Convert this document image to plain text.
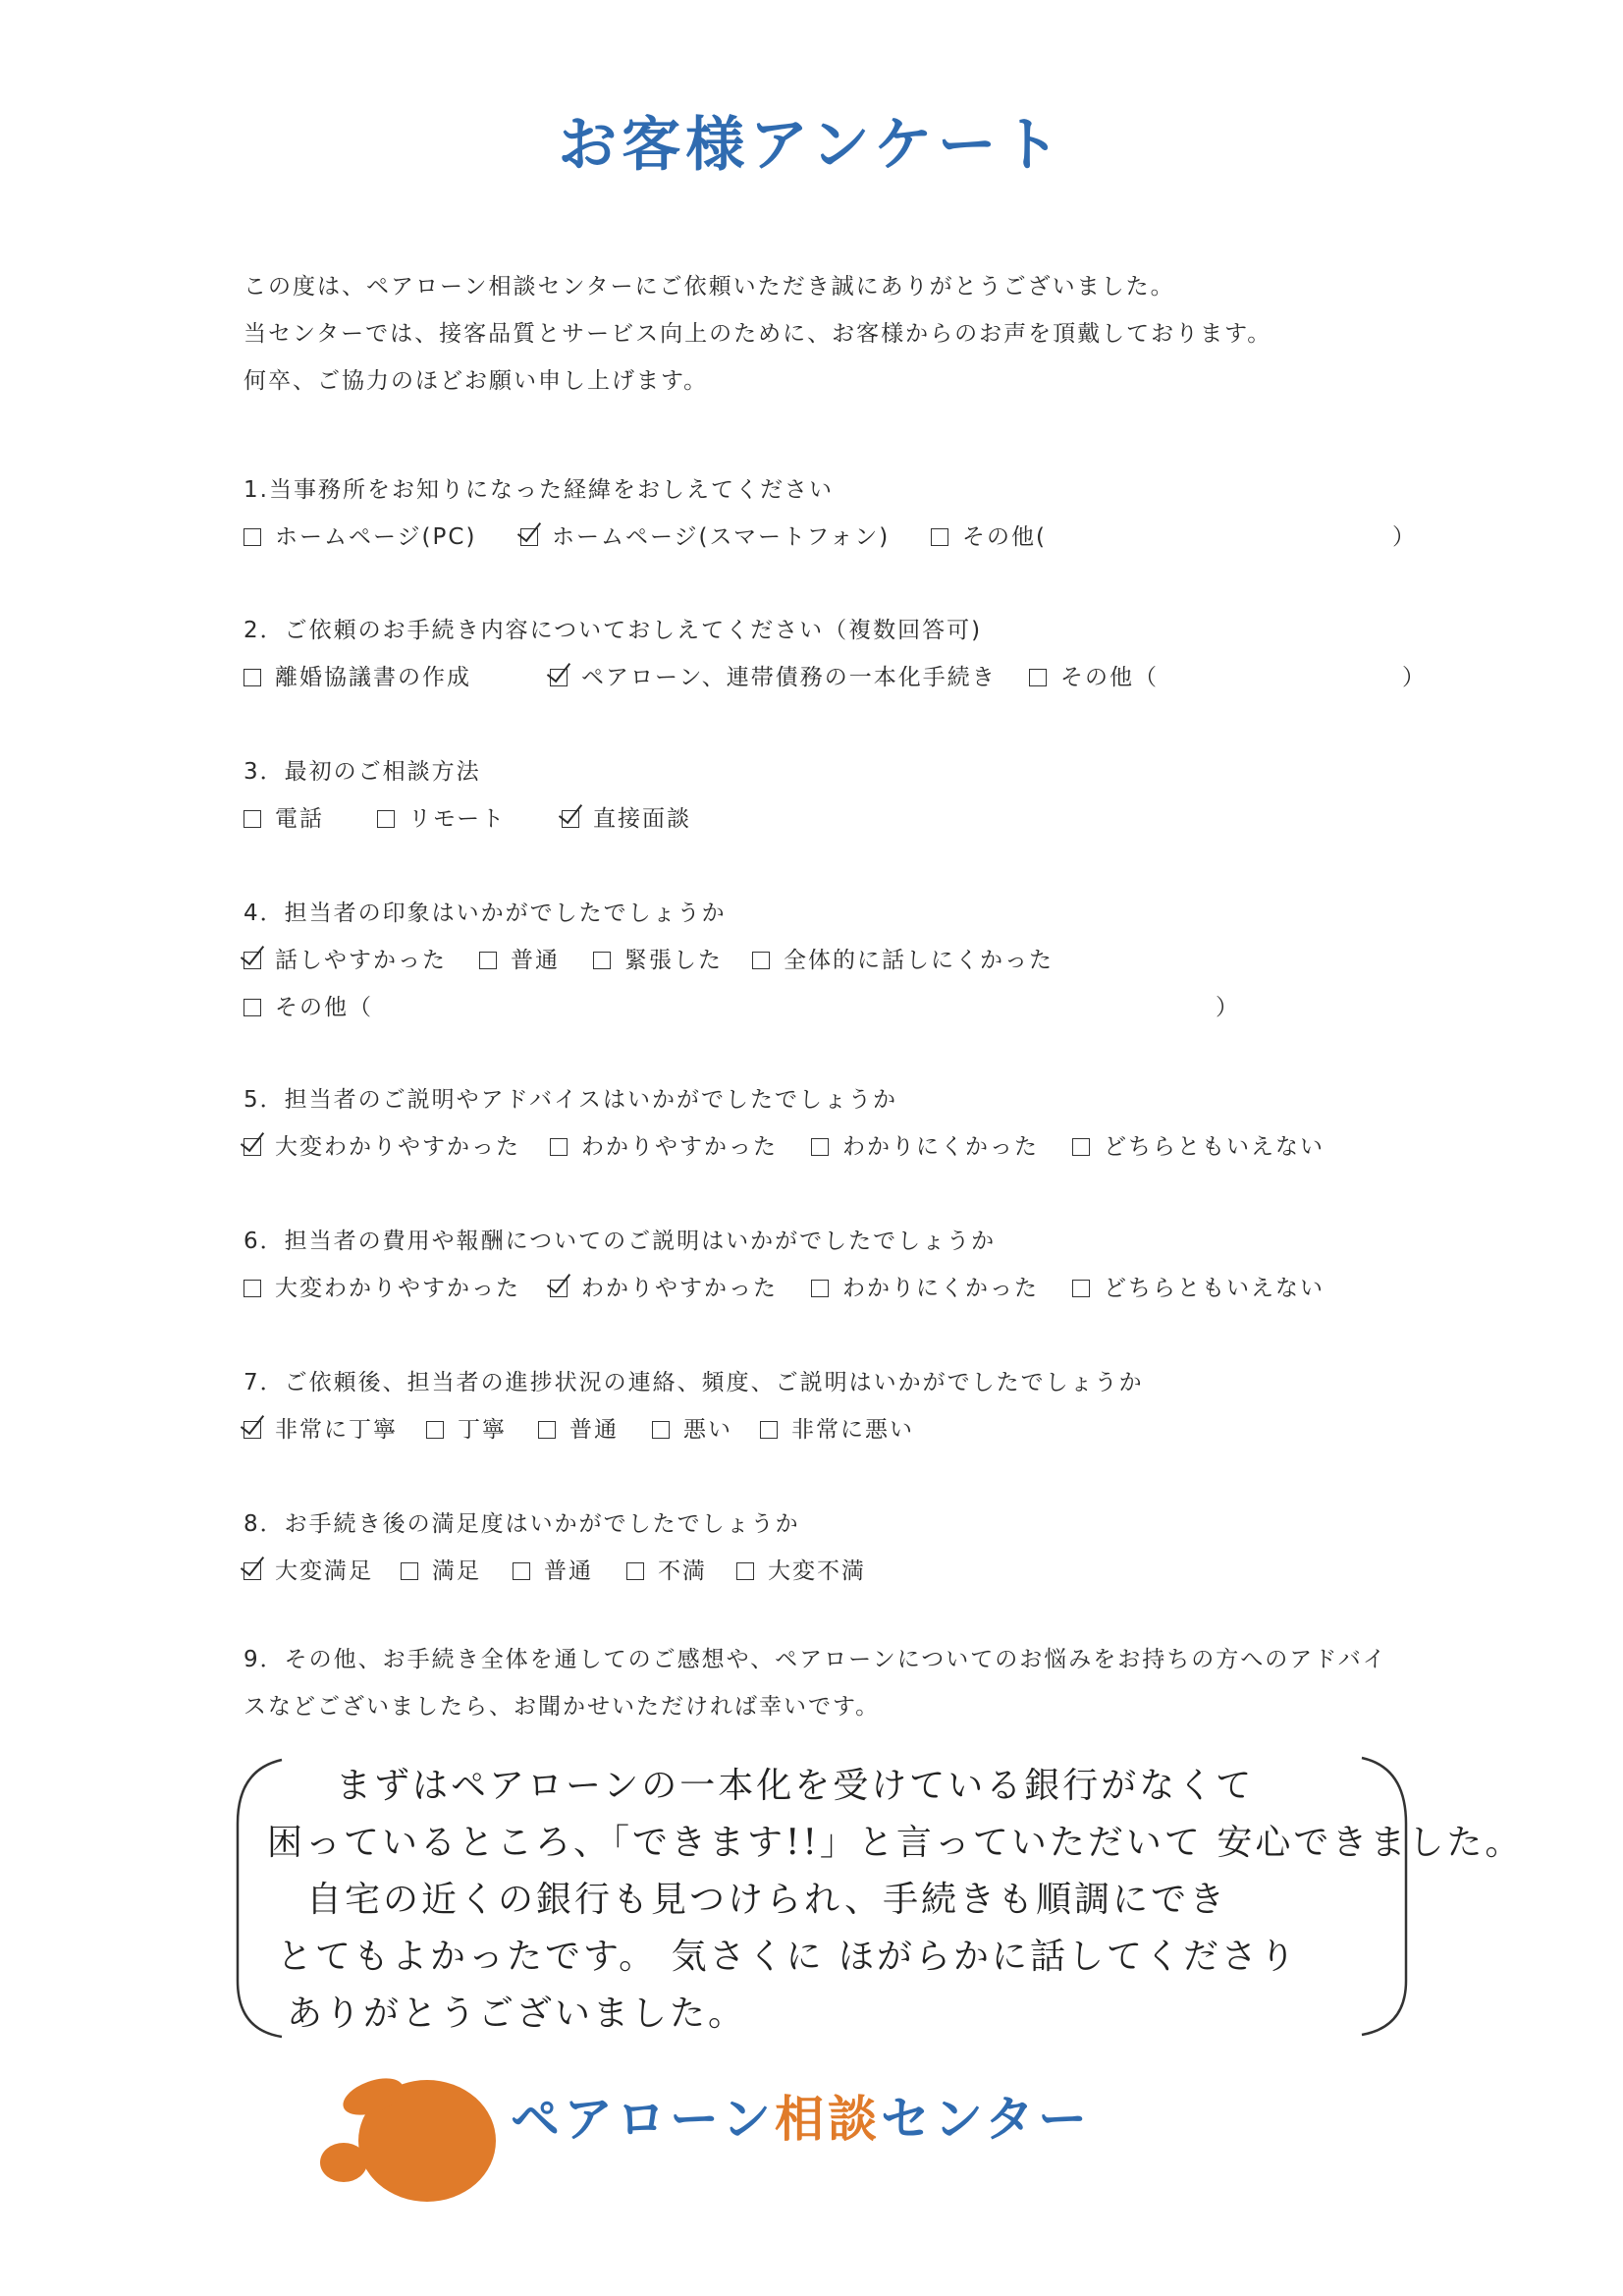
お客様アンケート
この度は、ペアローン相談センターにご依頼いただき誠にありがとうございました。
当センターでは、接客品質とサービス向上のために、お客様からのお声を頂戴しております。
何卒、ご協力のほどお願い申し上げます。
1.当事務所をお知りになった経緯をおしえてください
ホームページ(PC)	ホームページ(スマートフォン)	その他(	）
2．ご依頼のお手続き内容についておしえてください（複数回答可)
離婚協議書の作成	ペアローン、連帯債務の一本化手続き	その他（	）
3．最初のご相談方法
電話	リモート	直接面談
4．担当者の印象はいかがでしたでしょうか
話しやすかった	普通	緊張した	全体的に話しにくかった
その他（	）
5．担当者のご説明やアドバイスはいかがでしたでしょうか
大変わかりやすかった	わかりやすかった	わかりにくかった	どちらともいえない
6．担当者の費用や報酬についてのご説明はいかがでしたでしょうか
大変わかりやすかった	わかりやすかった	わかりにくかった	どちらともいえない
7．ご依頼後、担当者の進捗状況の連絡、頻度、ご説明はいかがでしたでしょうか
非常に丁寧	丁寧	普通	悪い	非常に悪い
8．お手続き後の満足度はいかがでしたでしょうか
大変満足	満足	普通	不満	大変不満
9．その他、お手続き全体を通してのご感想や、ペアローンについてのお悩みをお持ちの方へのアドバイ
スなどございましたら、お聞かせいただければ幸いです。
まずはペアローンの一本化を受けている銀行がなくて
困っているところ、「できます!!」と言っていただいて 安心できました。
自宅の近くの銀行も見つけられ、手続きも順調にでき
とてもよかったです。 気さくに ほがらかに話してくださり
ありがとうございました。
ペアローン相談センター
